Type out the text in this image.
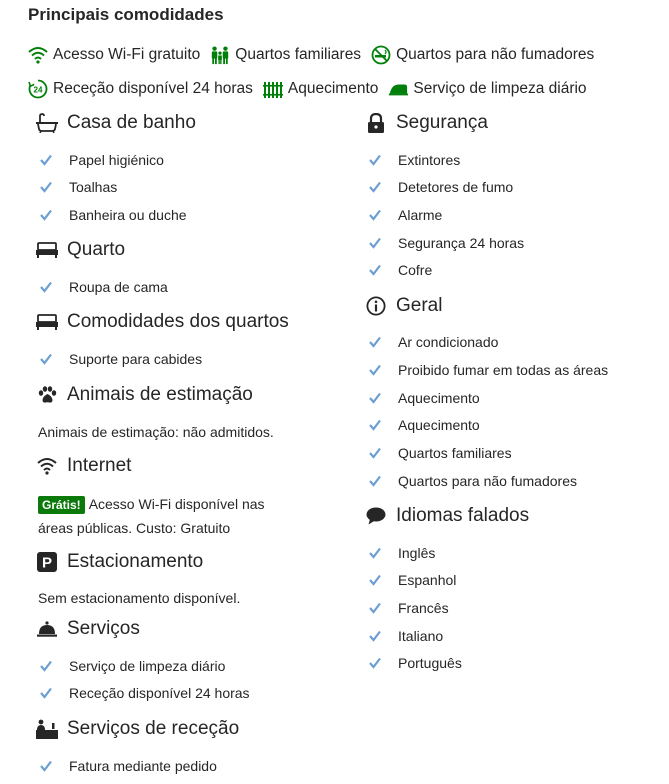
Principais comodidades
Acesso Wi-Fi gratuito Quartos familiares Quartos para não fumadores
24 Receção disponível 24 horas Aquecimento Serviço de limpeza diário
Casa de banho
Papel higiénico
Toalhas
Banheira ou duche
Quarto
Roupa de cama
Comodidades dos quartos
Suporte para cabides
Animais de estimação
Animais de estimação: não admitidos.
Internet
Grátis! Acesso Wi-Fi disponível nas
áreas públicas. Custo: Gratuito
P Estacionamento
Sem estacionamento disponível.
Serviços
Serviço de limpeza diário
Receção disponível 24 horas
Serviços de receção
Fatura mediante pedido
Segurança
Extintores
Detetores de fumo
Alarme
Segurança 24 horas
Cofre
Geral
Ar condicionado
Proibido fumar em todas as áreas
Aquecimento
Aquecimento
Quartos familiares
Quartos para não fumadores
Idiomas falados
Inglês
Espanhol
Francês
Italiano
Português
